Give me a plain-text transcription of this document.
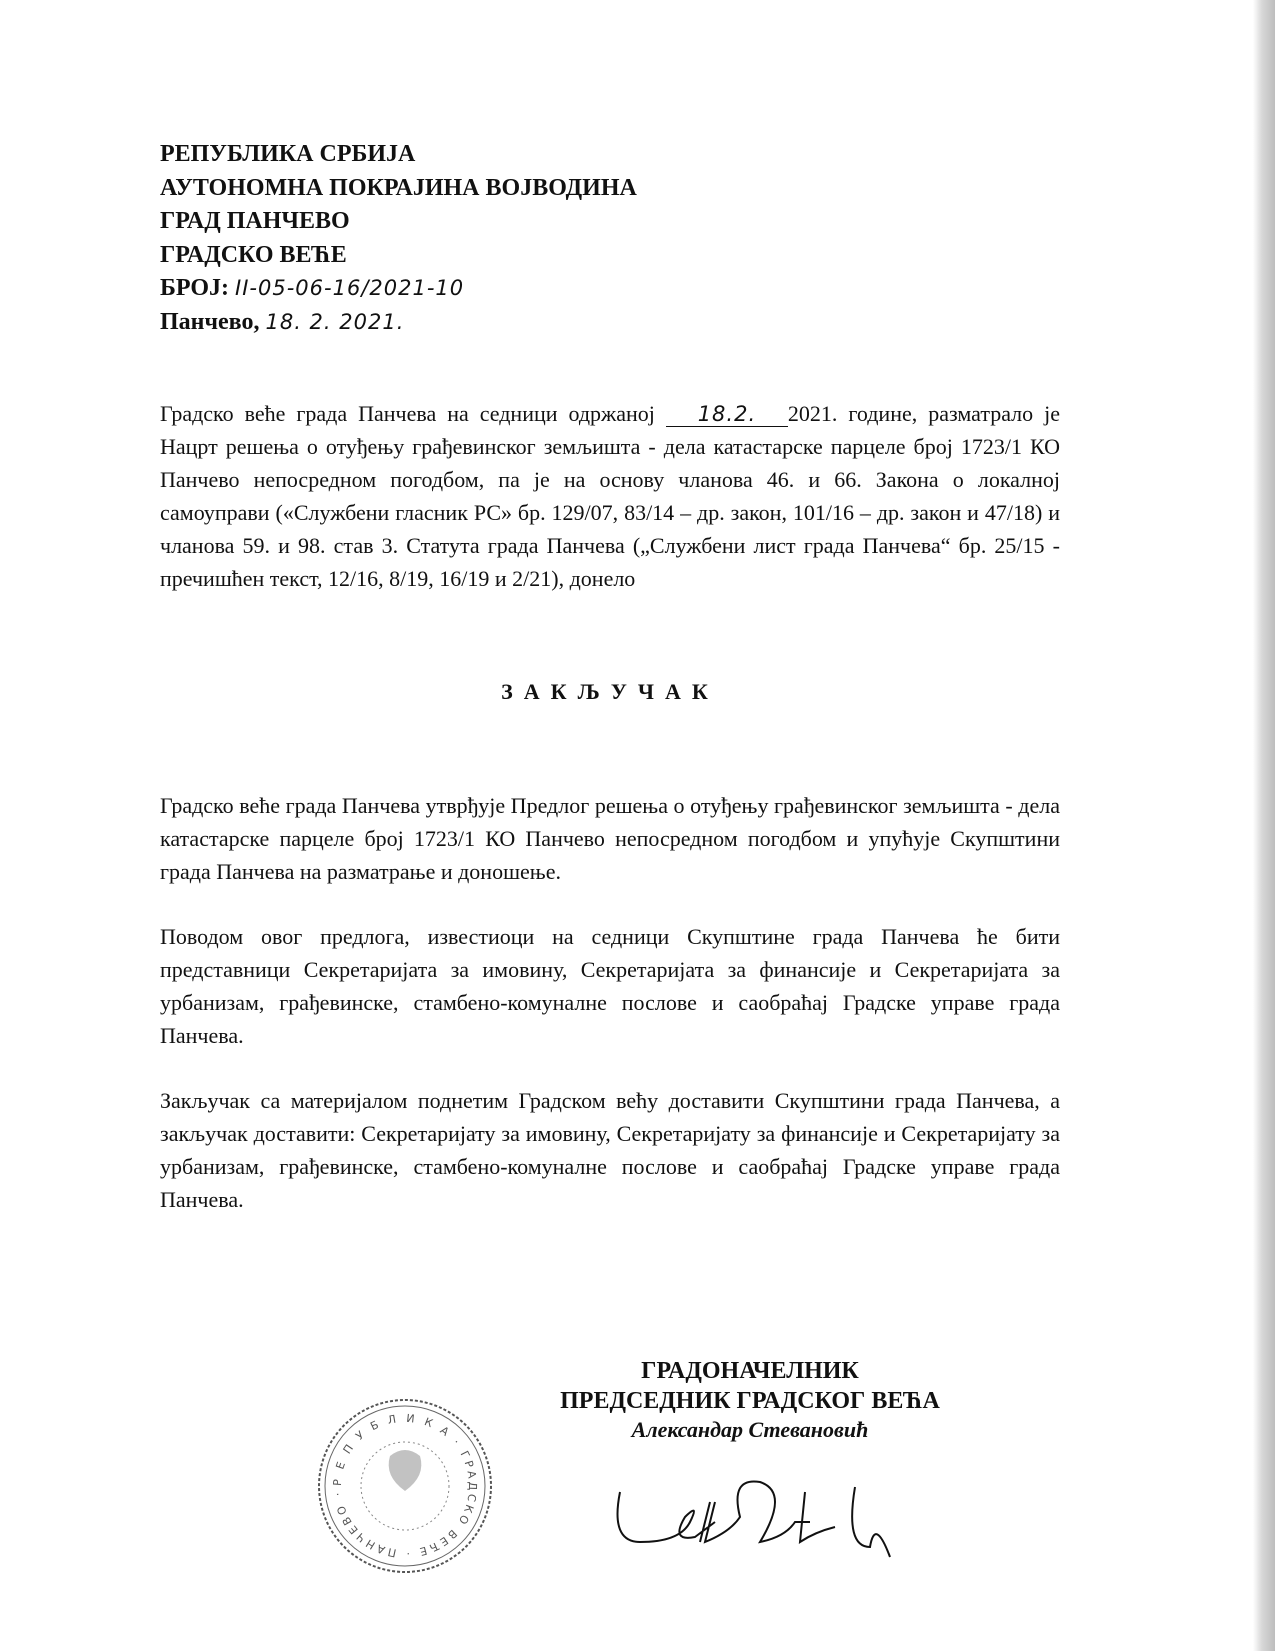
РЕПУБЛИКА СРБИЈА
АУТОНОМНА ПОКРАЈИНА ВОЈВОДИНА
ГРАД ПАНЧЕВО
ГРАДСКО ВЕЋЕ
БРОЈ: II-05-06-16/2021-10
Панчево, 18. 2. 2021.

Градско веће града Панчева на седници одржаној 18.2. 2021. године, разматрало је Нацрт решења о отуђењу грађевинског земљишта - дела катастарске парцеле број 1723/1 КО Панчево непосредном погодбом, па је на основу чланова 46. и 66. Закона о локалној самоуправи («Службени гласник РС» бр. 129/07, 83/14 – др. закон, 101/16 – др. закон и 47/18) и чланова 59. и 98. став 3. Статута града Панчева („Службени лист града Панчева“ бр. 25/15 - пречишћен текст, 12/16, 8/19, 16/19 и 2/21), донело

ЗАКЉУЧАК

Градско веће града Панчева утврђује Предлог решења о отуђењу грађевинског земљишта - дела катастарске парцеле број 1723/1 КО Панчево непосредном погодбом и упућује Скупштини града Панчева на разматрање и доношење.

Поводом овог предлога, известиоци на седници Скупштине града Панчева ће бити представници Секретаријата за имовину, Секретаријата за финансије и Секретаријата за урбанизам, грађевинске, стамбено-комуналне послове и саобраћај Градске управе града Панчева.

Закључак са материјалом поднетим Градском већу доставити Скупштини града Панчева, а закључак доставити: Секретаријату за имовину, Секретаријату за финансије и Секретаријату за урбанизам, грађевинске, стамбено-комуналне послове и саобраћај Градске управе града Панчева.

Р Е П У Б Л И К А · ГРАДСКО ВЕЋЕ · ПАНЧЕВО ·
ГРАДОНАЧЕЛНИК
ПРЕДСЕДНИК ГРАДСКОГ ВЕЋА
Александар Стевановић
